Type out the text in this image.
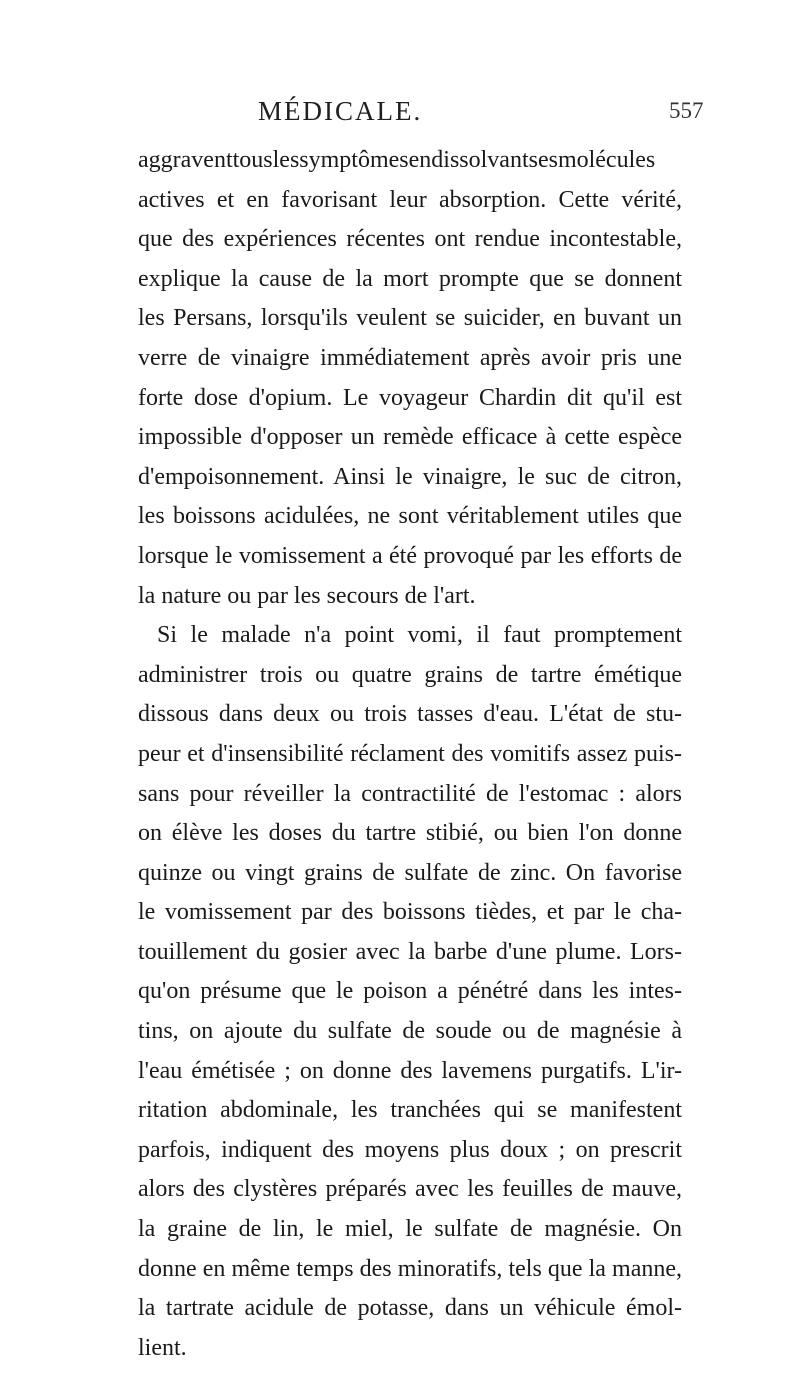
MÉDICALE.	557
aggraventtouslessymptômesendissolvantsesmolécules
actives et en favorisant leur absorption. Cette vérité,
que des expériences récentes ont rendue incontestable,
explique la cause de la mort prompte que se donnent
les Persans, lorsqu'ils veulent se suicider, en buvant un
verre de vinaigre immédiatement après avoir pris une
forte dose d'opium. Le voyageur Chardin dit qu'il est
impossible d'opposer un remède efficace à cette espèce
d'empoisonnement. Ainsi le vinaigre, le suc de citron,
les boissons acidulées, ne sont véritablement utiles que
lorsque le vomissement a été provoqué par les efforts de
la nature ou par les secours de l'art.
Si le malade n'a point vomi, il faut promptement
administrer trois ou quatre grains de tartre émétique
dissous dans deux ou trois tasses d'eau. L'état de stu-
peur et d'insensibilité réclament des vomitifs assez puis-
sans pour réveiller la contractilité de l'estomac : alors
on élève les doses du tartre stibié, ou bien l'on donne
quinze ou vingt grains de sulfate de zinc. On favorise
le vomissement par des boissons tièdes, et par le cha-
touillement du gosier avec la barbe d'une plume. Lors-
qu'on présume que le poison a pénétré dans les intes-
tins, on ajoute du sulfate de soude ou de magnésie à
l'eau émétisée ; on donne des lavemens purgatifs. L'ir-
ritation abdominale, les tranchées qui se manifestent
parfois, indiquent des moyens plus doux ; on prescrit
alors des clystères préparés avec les feuilles de mauve,
la graine de lin, le miel, le sulfate de magnésie. On
donne en même temps des minoratifs, tels que la manne,
la tartrate acidule de potasse, dans un véhicule émol-
lient.
